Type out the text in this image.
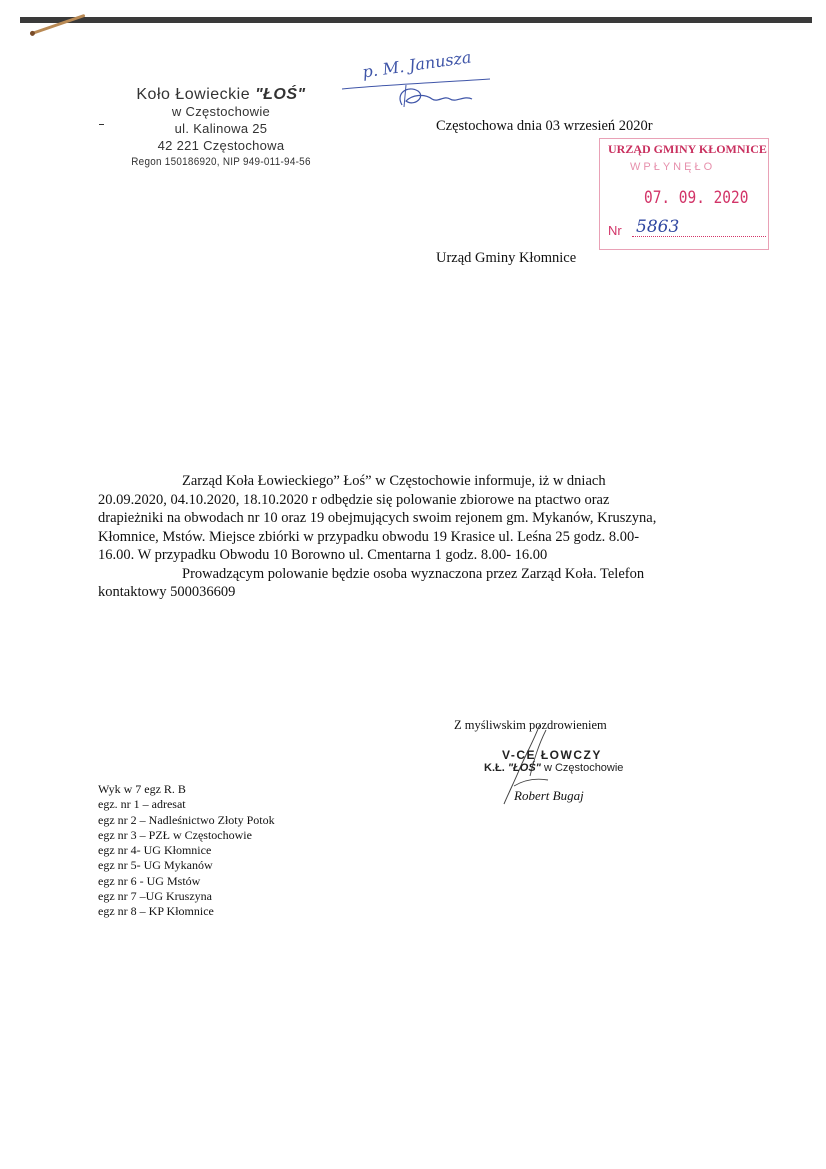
Koło Łowieckie "ŁOŚ"
w Częstochowie
ul. Kalinowa 25
42 221 Częstochowa
Regon 150186920, NIP 949-011-94-56
p. M. Janusza
Częstochowa dnia 03 wrzesień 2020r
URZĄD GMINY KŁOMNICE
WPŁYNĘŁO
07. 09. 2020
Nr 5863
Urząd Gminy Kłomnice

Zarząd Koła Łowieckiego” Łoś” w Częstochowie informuje, iż w dniach 20.09.2020, 04.10.2020, 18.10.2020 r odbędzie się polowanie zbiorowe na ptactwo oraz drapieżniki na obwodach nr 10 oraz 19 obejmujących swoim rejonem gm. Mykanów, Kruszyna, Kłomnice, Mstów. Miejsce zbiórki w przypadku obwodu 19 Krasice ul. Leśna 25 godz. 8.00- 16.00. W przypadku Obwodu 10 Borowno ul. Cmentarna 1 godz. 8.00- 16.00

Prowadzącym polowanie będzie osoba wyznaczona przez Zarząd Koła. Telefon kontaktowy 500036609

Z myśliwskim pozdrowieniem
V-CE ŁOWCZY
K.Ł. "ŁOŚ" w Częstochowie
Robert Bugaj
Wyk w 7 egz R. B
egz. nr 1 – adresat
egz nr 2 – Nadleśnictwo Złoty Potok
egz nr 3 – PZŁ w Częstochowie
egz nr 4- UG Kłomnice
egz nr 5- UG Mykanów
egz nr 6 - UG Mstów
egz nr 7 –UG Kruszyna
egz nr 8 – KP Kłomnice
